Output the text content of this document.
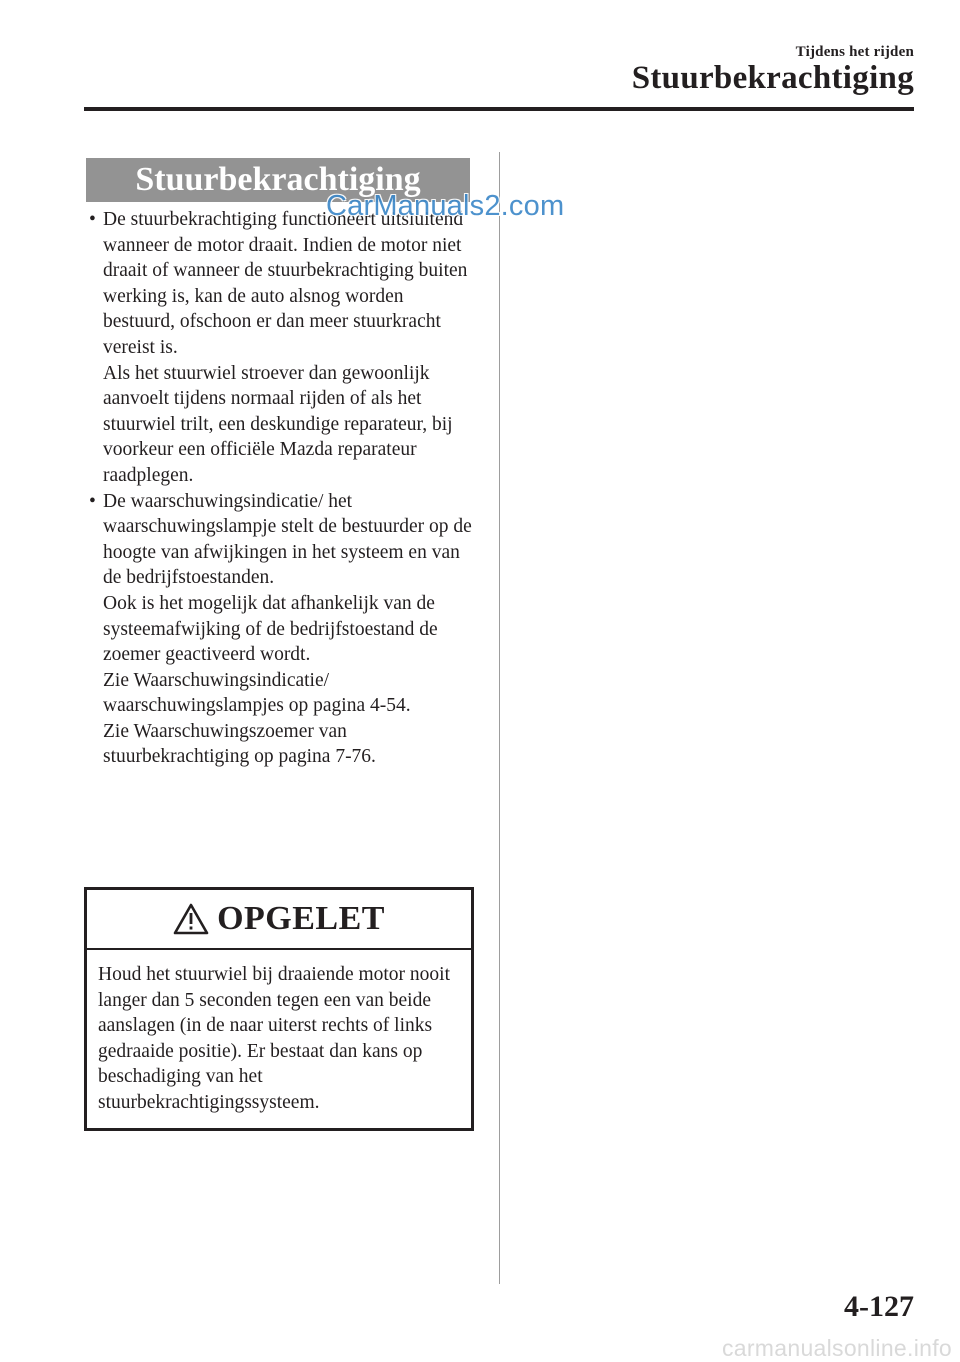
Tijdens het rijden
Stuurbekrachtiging
Stuurbekrachtiging
• De stuurbekrachtiging functioneert uitsluitend wanneer de motor draait. Indien de motor niet draait of wanneer de stuurbekrachtiging buiten werking is, kan de auto alsnog worden bestuurd, ofschoon er dan meer stuurkracht vereist is.
Als het stuurwiel stroever dan gewoonlijk aanvoelt tijdens normaal rijden of als het stuurwiel trilt, een deskundige reparateur, bij voorkeur een officiële Mazda reparateur raadplegen.
• De waarschuwingsindicatie/ het waarschuwingslampje stelt de bestuurder op de hoogte van afwijkingen in het systeem en van de bedrijfstoestanden.
Ook is het mogelijk dat afhankelijk van de systeemafwijking of de bedrijfstoestand de zoemer geactiveerd wordt.
Zie Waarschuwingsindicatie/ waarschuwingslampjes op pagina 4-54.
Zie Waarschuwingszoemer van stuurbekrachtiging op pagina 7-76.
CarManuals2.com
OPGELET
Houd het stuurwiel bij draaiende motor nooit langer dan 5 seconden tegen een van beide aanslagen (in de naar uiterst rechts of links gedraaide positie). Er bestaat dan kans op beschadiging van het stuurbekrachtigingssysteem.
4-127
carmanualsonline.info
